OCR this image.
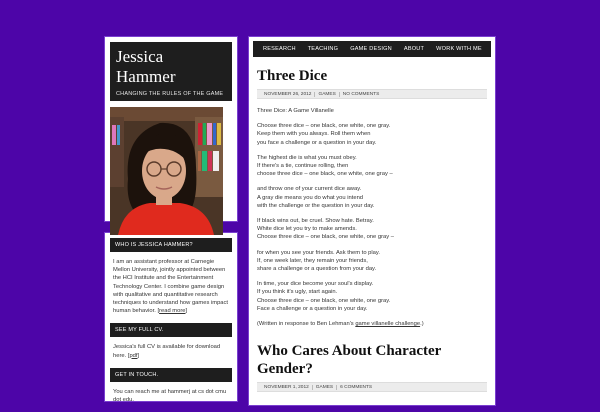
Jessica Hammer
CHANGING THE RULES OF THE GAME
WHO IS JESSICA HAMMER?
I am an assistant professor at Carnegie Mellon University, jointly appointed between the HCI Institute and the Entertainment Technology Center. I combine game design with qualitative and quantitative research techniques to understand how games impact human behavior. [read more]
SEE MY FULL CV.
Jessica's full CV is available for download here. [pdf]
GET IN TOUCH.
You can reach me at hammerj at cs dot cmu dot edu.
RESEARCH	TEACHING	GAME DESIGN	ABOUT	WORK WITH ME
Three Dice
NOVEMBER 26, 2012	GAMES	NO COMMENTS

Three Dice: A Game Villanelle

Choose three dice – one black, one white, one gray.
Keep them with you always. Roll them when
you face a challenge or a question in your day.

The highest die is what you must obey.
If there's a tie, continue rolling, then
choose three dice – one black, one white, one gray –

and throw one of your current dice away.
A gray die means you do what you intend
with the challenge or the question in your day.

If black wins out, be cruel. Show hate. Betray.
White dice let you try to make amends.
Choose three dice – one black, one white, one gray –

for when you see your friends. Ask them to play.
If, one week later, they remain your friends,
share a challenge or a question from your day.

In time, your dice become your soul's display.
If you think it's ugly, start again.
Choose three dice – one black, one white, one gray.
Face a challenge or a question in your day.

(Written in response to Ben Lehman's game villanelle challenge.)

Who Cares About Character Gender?
NOVEMBER 1, 2012	GAMES	6 COMMENTS
